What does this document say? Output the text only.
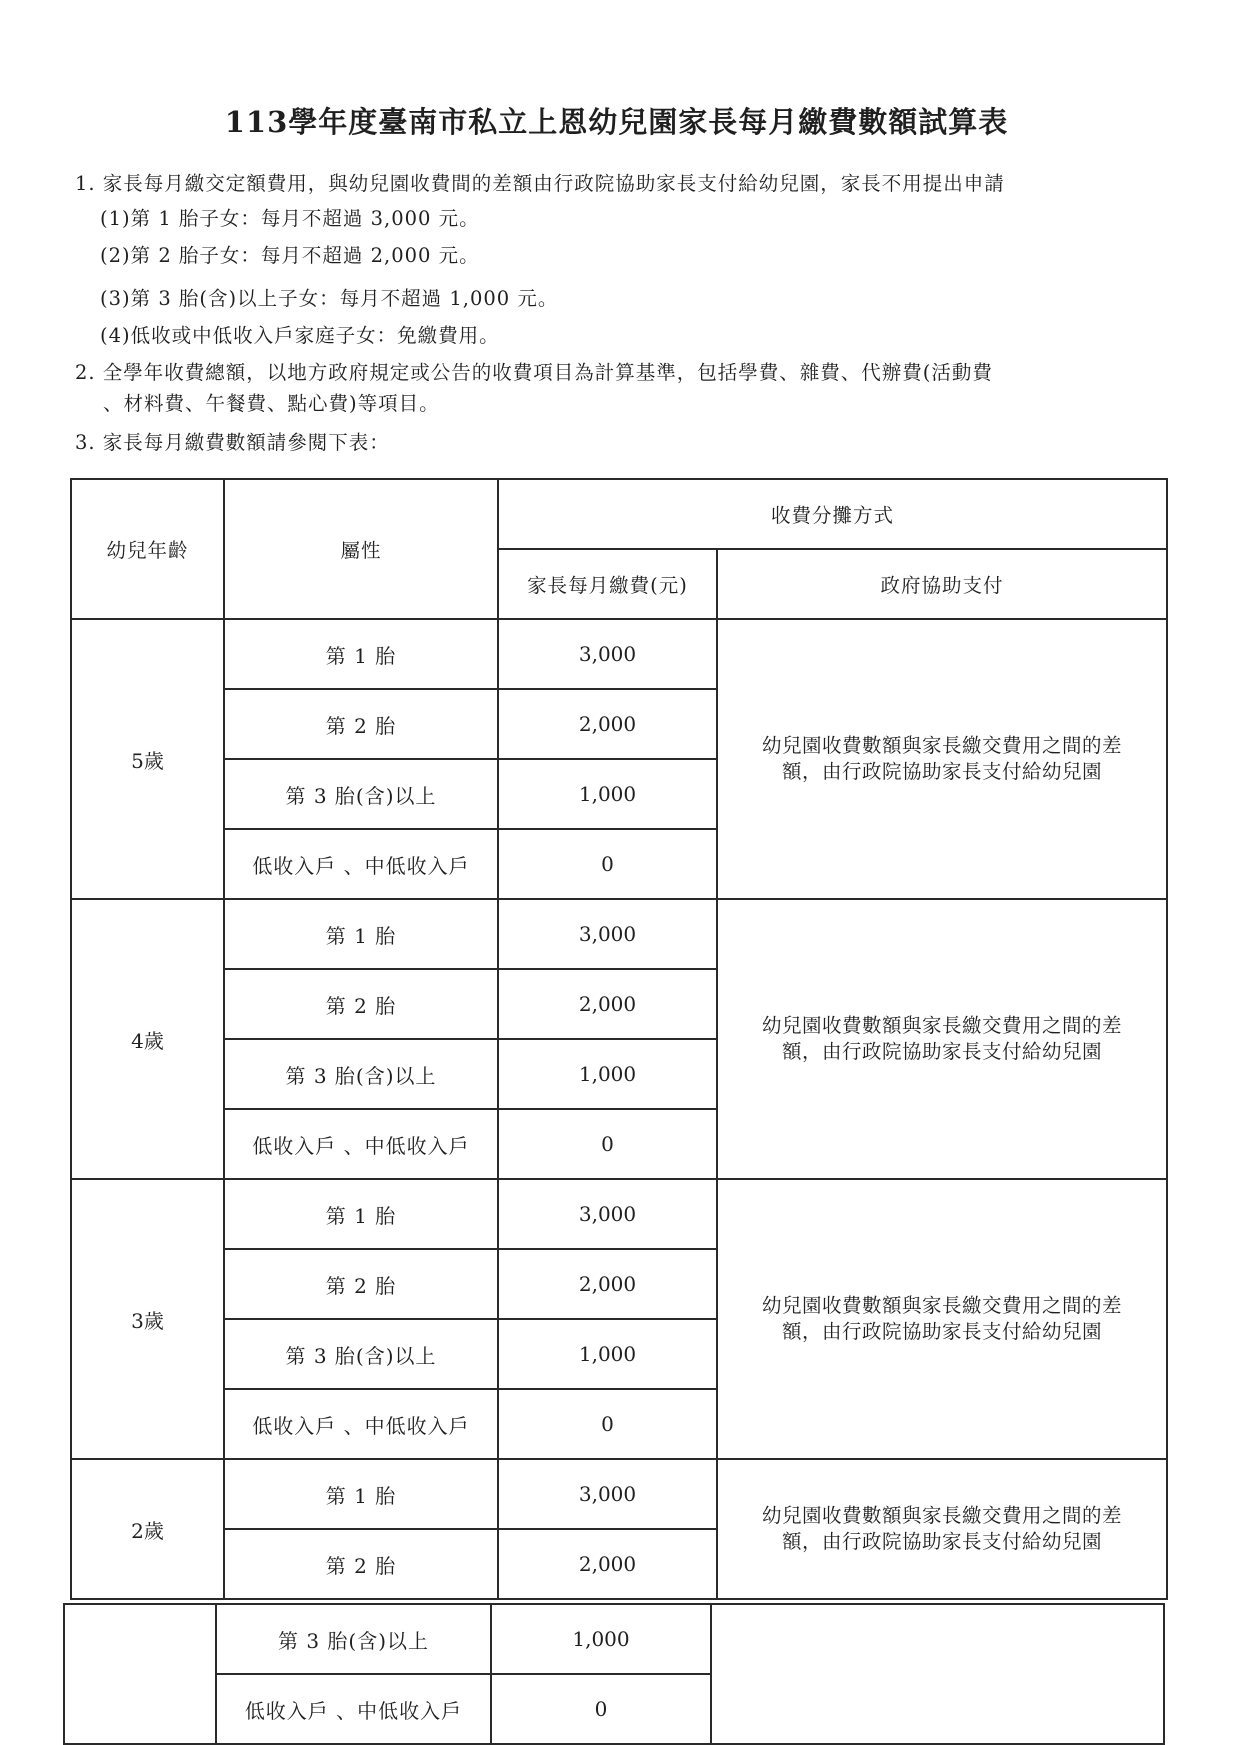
113學年度臺南市私立上恩幼兒園家長每月繳費數額試算表
1. 家長每月繳交定額費用，與幼兒園收費間的差額由行政院協助家長支付給幼兒園，家長不用提出申請
(1)第 1 胎子女：每月不超過 3,000 元。
(2)第 2 胎子女：每月不超過 2,000 元。
(3)第 3 胎(含)以上子女：每月不超過 1,000 元。
(4)低收或中低收入戶家庭子女：免繳費用。
2. 全學年收費總額，以地方政府規定或公告的收費項目為計算基準，包括學費、雜費、代辦費(活動費
、材料費、午餐費、點心費)等項目。
3. 家長每月繳費數額請參閱下表：
幼兒年齡	屬性	收費分攤方式	
		家長每月繳費(元)	政府協助支付
5歲	第 1 胎	3,000	幼兒園收費數額與家長繳交費用之間的差
額，由行政院協助家長支付給幼兒園

	第 2 胎	2,000	
	第 3 胎(含)以上	1,000	
	低收入戶 、中低收入戶	0	
4歲	第 1 胎	3,000	幼兒園收費數額與家長繳交費用之間的差
額，由行政院協助家長支付給幼兒園

	第 2 胎	2,000	
	第 3 胎(含)以上	1,000	
	低收入戶 、中低收入戶	0	
3歲	第 1 胎	3,000	幼兒園收費數額與家長繳交費用之間的差
額，由行政院協助家長支付給幼兒園

	第 2 胎	2,000	
	第 3 胎(含)以上	1,000	
	低收入戶 、中低收入戶	0	
2歲	第 1 胎	3,000	幼兒園收費數額與家長繳交費用之間的差
額，由行政院協助家長支付給幼兒園

	第 2 胎	2,000	
	第 3 胎(含)以上	1,000	
	低收入戶 、中低收入戶	0	
